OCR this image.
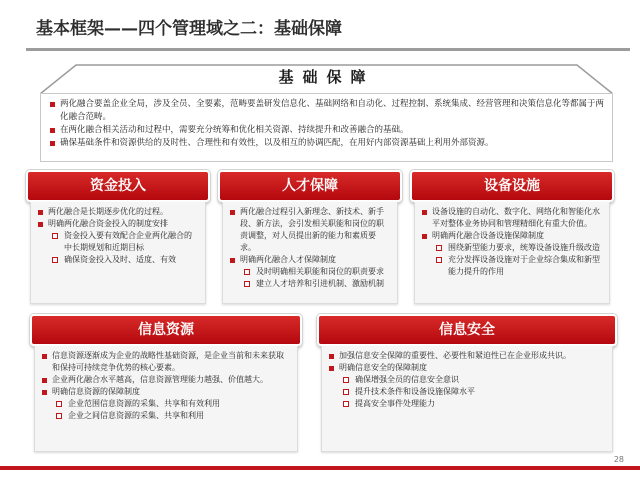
基本框架——四个管理域之二：基础保障
基础保障
两化融合要盖企业全局，涉及全员、全要素，范畴要盖研发信息化、基础网络和自动化、过程控制、系统集成、经营管理和决策信息化等都属于两化融合范畴。
在两化融合相关活动和过程中，需要充分统筹和优化相关资源、持续提升和改善融合的基础。
确保基础条件和资源供给的及时性、合理性和有效性，以及相互的协调匹配，在用好内部资源基础上利用外部资源。
资金投入
两化融合是长期逐步优化的过程。
明确两化融合资金投入的制度安排
资金投入要有效配合企业两化融合的中长期规划和近期目标
确保资金投入及时、适度、有效
人才保障
两化融合过程引入新理念、新技术、新手段、新方法，会引发相关职能和岗位的职责调整，对人员提出新的能力和素质要求。
明确两化融合人才保障制度
及时明确相关职能和岗位的职责要求
建立人才培养和引进机制、激励机制
设备设施
设备设施的自动化、数字化、网络化和智能化水平对整体业务协同和管理精细化有重大价值。
明确两化融合设备设施保障制度
围绕新型能力要求，统筹设备设施升级改造
充分发挥设备设施对于企业综合集成和新型能力提升的作用
信息资源
信息资源逐渐成为企业的战略性基础资源，是企业当前和未来获取和保持可持续竞争优势的核心要素。
企业两化融合水平越高，信息资源管理能力越强、价值越大。
明确信息资源的保障制度
企业范围信息资源的采集、共享和有效利用
企业之间信息资源的采集、共享和利用
信息安全
加强信息安全保障的重要性、必要性和紧迫性已在企业形成共识。
明确信息安全的保障制度
确保增强全员的信息安全意识
提升技术条件和设备设施保障水平
提高安全事件处理能力
28
